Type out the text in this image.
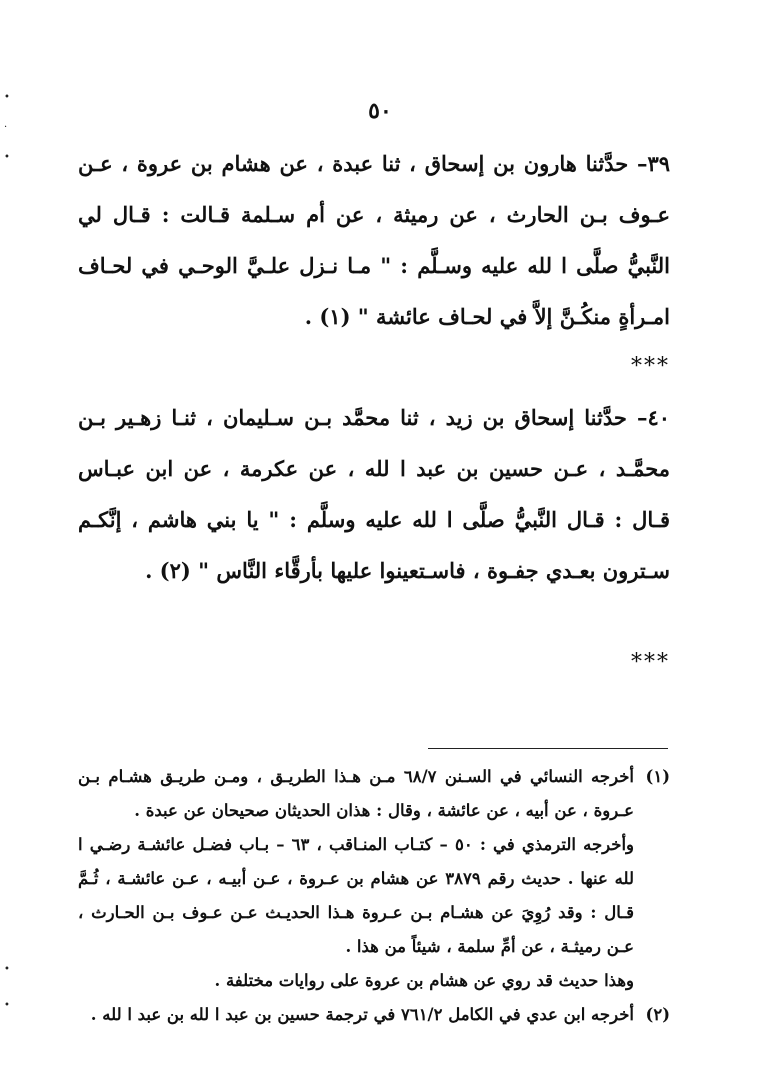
•
·
•
•
•
٥٠

٣٩– حدَّثنا هارون بن إسحاق ، ثنا عبدة ، عن هشام بن عروة ، عـن عـوف بـن الحارث ، عن رميثة ، عن أم سـلمة قـالت : قـال لي النَّبيُّ صلَّى ا لله عليه وسـلَّم : " مـا نـزل علـيَّ الوحـي في لحـاف امـرأةٍ منكُـنَّ إلاَّ في لحـاف عائشة " (١) .

***

٤٠– حدَّثنا إسحاق بن زيد ، ثنا محمَّد بـن سـليمان ، ثنـا زهـير بـن محمَّـد ، عـن حسين بن عبد ا لله ، عن عكرمة ، عن ابن عبـاس قـال : قـال النَّبيُّ صلَّى ا لله عليه وسلَّم : " يا بني هاشم ، إنَّكـم سـترون بعـدي جفـوة ، فاسـتعينوا عليها بأرقَّاء النَّاس " (٢) .

***
(١)

أخرجه النسائي في السـنن ٦٨/٧ مـن هـذا الطريـق ، ومـن طريـق هشـام بـن عـروة ، عن أبيه ، عن عائشة ، وقال : هذان الحديثان صحيحان عن عبدة .

وأخرجه الترمذي في : ٥٠ – كتـاب المنـاقب ، ٦٣ – بـاب فضـل عائشـة رضـي ا لله عنها . حديث رقم ٣٨٧٩ عن هشام بن عـروة ، عـن أبيـه ، عـن عائشـة ، ثُـمَّ قـال : وقد رُوِيَ عن هشـام بـن عـروة هـذا الحديـث عـن عـوف بـن الحـارث ، عـن رميثـة ، عن أمِّ سلمة ، شيئاً من هذا .

وهذا حديث قد روي عن هشام بن عروة على روايات مختلفة .

(٢)

أخرجه ابن عدي في الكامل ٧٦١/٢ في ترجمة حسين بن عبد ا لله بن عبد ا لله .
